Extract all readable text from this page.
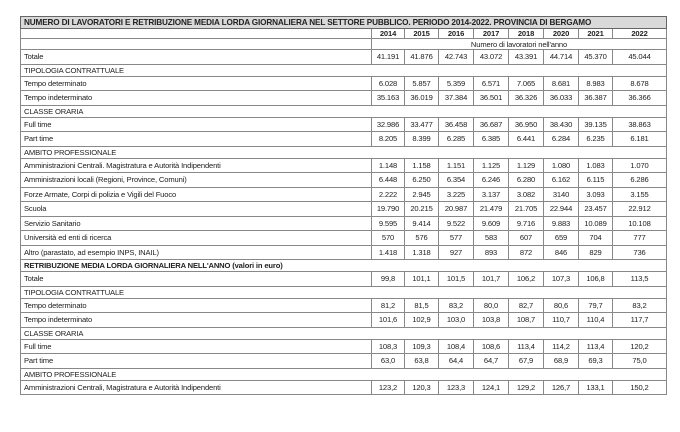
NUMERO DI LAVORATORI E RETRIBUZIONE MEDIA LORDA GIORNALIERA NEL SETTORE PUBBLICO. PERIODO 2014-2022. PROVINCIA DI BERGAMO								
	2014	2015	2016	2017	2018	2020	2021	2022
	Numero di lavoratori nell'anno							
Totale	41.191	41.876	42.743	43.072	43.391	44.714	45.370	45.044
TIPOLOGIA CONTRATTUALE								
Tempo determinato	6.028	5.857	5.359	6.571	7.065	8.681	8.983	8.678
Tempo indeterminato	35.163	36.019	37.384	36.501	36.326	36.033	36.387	36.366
CLASSE ORARIA								
Full time	32.986	33.477	36.458	36.687	36.950	38.430	39.135	38.863
Part time	8.205	8.399	6.285	6.385	6.441	6.284	6.235	6.181
AMBITO PROFESSIONALE								
Amministrazioni Centrali. Magistratura e Autorità Indipendenti	1.148	1.158	1.151	1.125	1.129	1.080	1.083	1.070
Amministrazioni locali (Regioni, Province, Comuni)	6.448	6.250	6.354	6.246	6.280	6.162	6.115	6.286
Forze Armate, Corpi di polizia e Vigili del Fuoco	2.222	2.945	3.225	3.137	3.082	3140	3.093	3.155
Scuola	19.790	20.215	20.987	21.479	21.705	22.944	23.457	22.912
Servizio Sanitario	9.595	9.414	9.522	9.609	9.716	9.883	10.089	10.108
Università ed enti di ricerca	570	576	577	583	607	659	704	777
Altro (parastato, ad esempio INPS, INAIL)	1.418	1.318	927	893	872	846	829	736
RETRIBUZIONE MEDIA LORDA GIORNALIERA NELL'ANNO (valori in euro)								
Totale	99,8	101,1	101,5	101,7	106,2	107,3	106,8	113,5
TIPOLOGIA CONTRATTUALE								
Tempo determinato	81,2	81,5	83,2	80,0	82,7	80,6	79,7	83,2
Tempo indeterminato	101,6	102,9	103,0	103,8	108,7	110,7	110,4	117,7
CLASSE ORARIA								
Full time	108,3	109,3	108,4	108,6	113,4	114,2	113,4	120,2
Part time	63,0	63,8	64,4	64,7	67,9	68,9	69,3	75,0
AMBITO PROFESSIONALE								
Amministrazioni Centrali, Magistratura e Autorità Indipendenti	123,2	120,3	123,3	124,1	129,2	126,7	133,1	150,2
